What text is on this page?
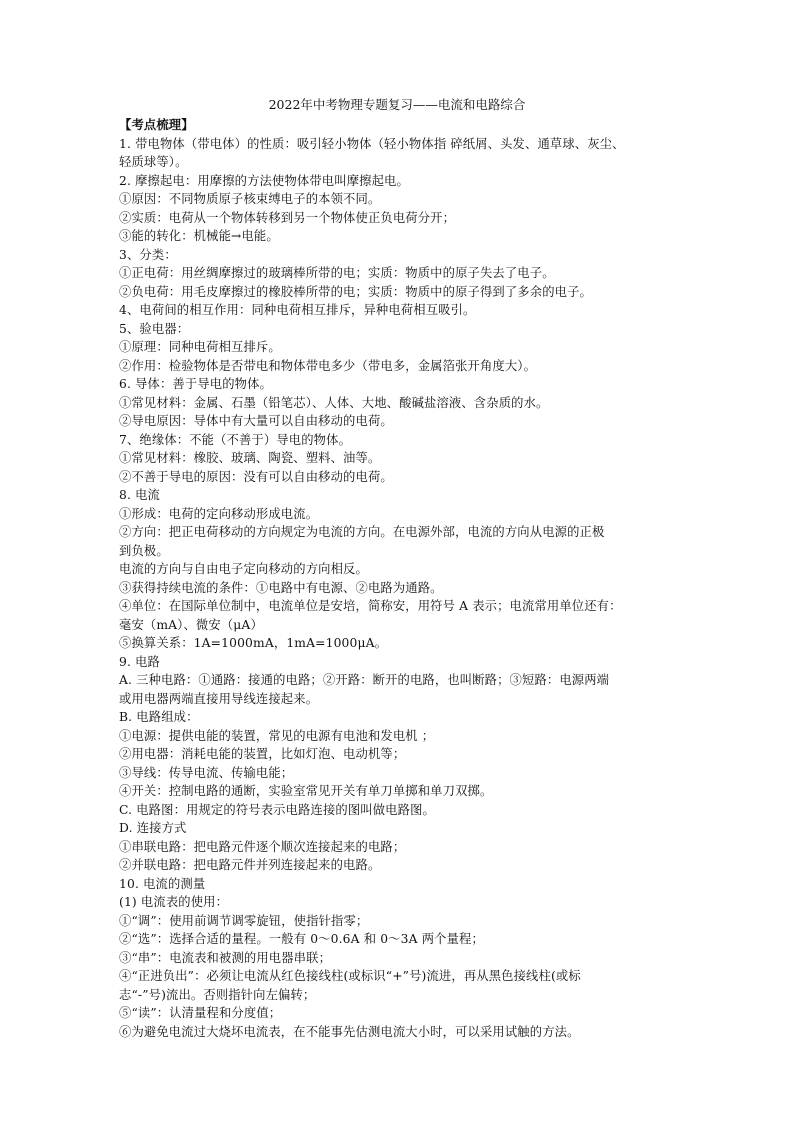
2022年中考物理专题复习——电流和电路综合
【考点梳理】
1. 带电物体（带电体）的性质：吸引轻小物体（轻小物体指 碎纸屑、头发、通草球、灰尘、
轻质球等）。
2. 摩擦起电：用摩擦的方法使物体带电叫摩擦起电。
①原因：不同物质原子核束缚电子的本领不同。
②实质：电荷从一个物体转移到另一个物体使正负电荷分开；
③能的转化：机械能→电能。
3、分类：
①正电荷：用丝绸摩擦过的玻璃棒所带的电；实质：物质中的原子失去了电子。
②负电荷：用毛皮摩擦过的橡胶棒所带的电；实质：物质中的原子得到了多余的电子。
4、电荷间的相互作用：同种电荷相互排斥，异种电荷相互吸引。
5、验电器：
①原理：同种电荷相互排斥。
②作用：检验物体是否带电和物体带电多少（带电多，金属箔张开角度大）。
6. 导体：善于导电的物体。
①常见材料：金属、石墨（铅笔芯）、人体、大地、酸碱盐溶液、含杂质的水。
②导电原因：导体中有大量可以自由移动的电荷。
7、绝缘体：不能（不善于）导电的物体。
①常见材料：橡胶、玻璃、陶瓷、塑料、油等。
②不善于导电的原因：没有可以自由移动的电荷。
8. 电流
①形成：电荷的定向移动形成电流。
②方向：把正电荷移动的方向规定为电流的方向。在电源外部，电流的方向从电源的正极
到负极。
电流的方向与自由电子定向移动的方向相反。
③获得持续电流的条件：①电路中有电源、②电路为通路。
④单位：在国际单位制中，电流单位是安培，简称安，用符号 A 表示；电流常用单位还有：
毫安（mA）、微安（μA）
⑤换算关系：1A=1000mA，1mA=1000μA。
9. 电路
A. 三种电路：①通路：接通的电路；②开路：断开的电路，也叫断路；③短路：电源两端
或用电器两端直接用导线连接起来。
B. 电路组成：
①电源：提供电能的装置，常见的电源有电池和发电机 ；
②用电器：消耗电能的装置，比如灯泡、电动机等；
③导线：传导电流、传输电能；
④开关：控制电路的通断，实验室常见开关有单刀单掷和单刀双掷。
C. 电路图：用规定的符号表示电路连接的图叫做电路图。
D. 连接方式
①串联电路：把电路元件逐个顺次连接起来的电路；
②并联电路：把电路元件并列连接起来的电路。
10. 电流的测量
(1) 电流表的使用：
①“调”：使用前调节调零旋钮，使指针指零；
②“选”：选择合适的量程。一般有 0～0.6A 和 0～3A 两个量程；
③“串”：电流表和被测的用电器串联；
④“正进负出”：必须让电流从红色接线柱(或标识“+”号)流进，再从黑色接线柱(或标
志“-”号)流出。否则指针向左偏转；
⑤“读”：认清量程和分度值；
⑥为避免电流过大烧坏电流表，在不能事先估测电流大小时，可以采用试触的方法。
